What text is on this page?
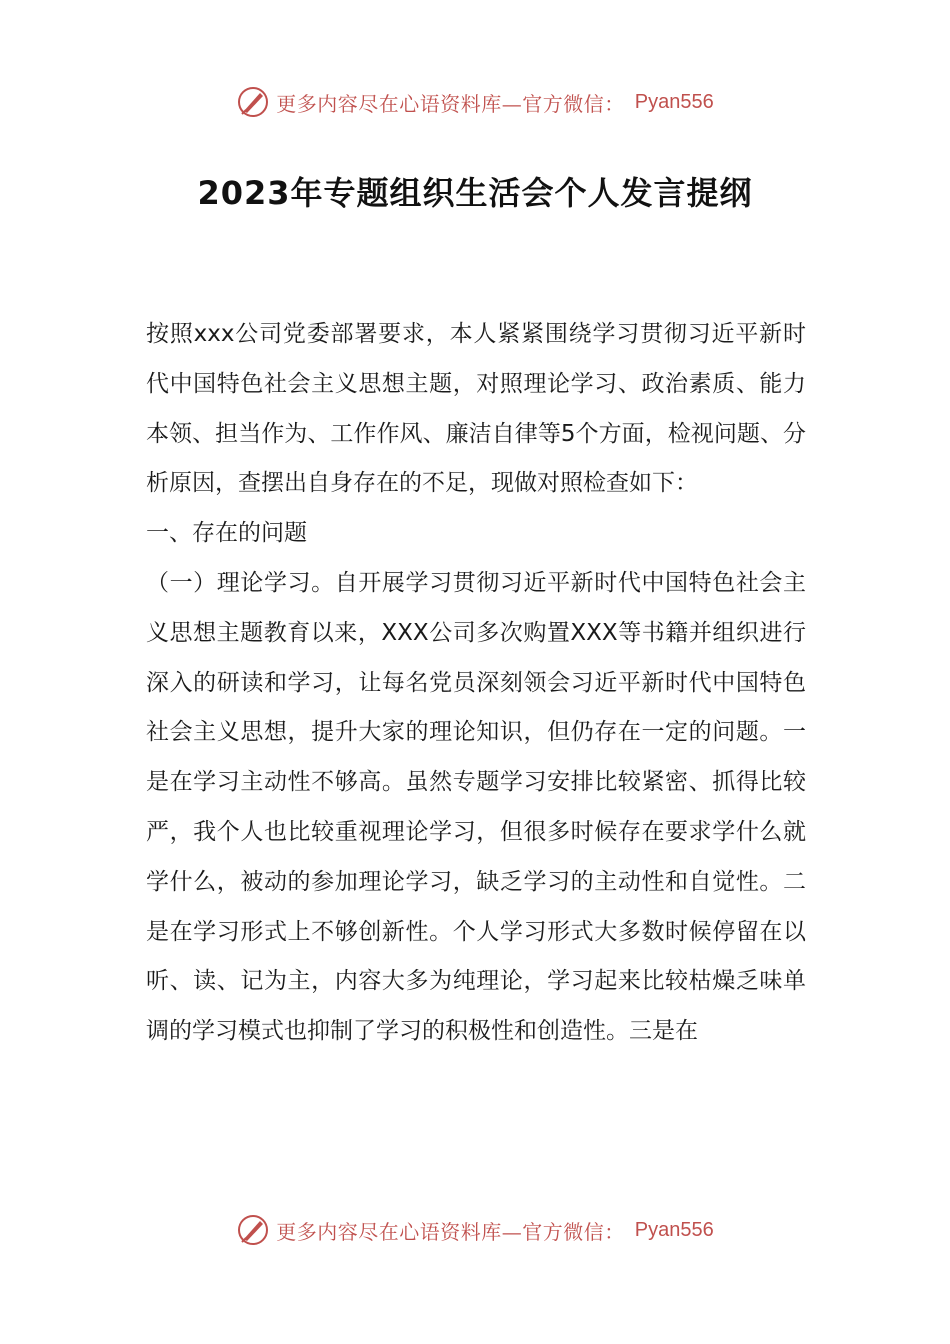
更多内容尽在心语资料库—官方微信： Pyan556
2023年专题组织生活会个人发言提纲

按照xxx公司党委部署要求，本人紧紧围绕学习贯彻习近平新时代中国特色社会主义思想主题，对照理论学习、政治素质、能力本领、担当作为、工作作风、廉洁自律等5个方面，检视问题、分析原因，查摆出自身存在的不足，现做对照检查如下：

一、存在的问题

（一）理论学习。自开展学习贯彻习近平新时代中国特色社会主义思想主题教育以来，XXX公司多次购置XXX等书籍并组织进行深入的研读和学习，让每名党员深刻领会习近平新时代中国特色社会主义思想，提升大家的理论知识，但仍存在一定的问题。一是在学习主动性不够高。虽然专题学习安排比较紧密、抓得比较严，我个人也比较重视理论学习，但很多时候存在要求学什么就学什么，被动的参加理论学习，缺乏学习的主动性和自觉性。二是在学习形式上不够创新性。个人学习形式大多数时候停留在以听、读、记为主，内容大多为纯理论，学习起来比较枯燥乏味单调的学习模式也抑制了学习的积极性和创造性。三是在

更多内容尽在心语资料库—官方微信： Pyan556
